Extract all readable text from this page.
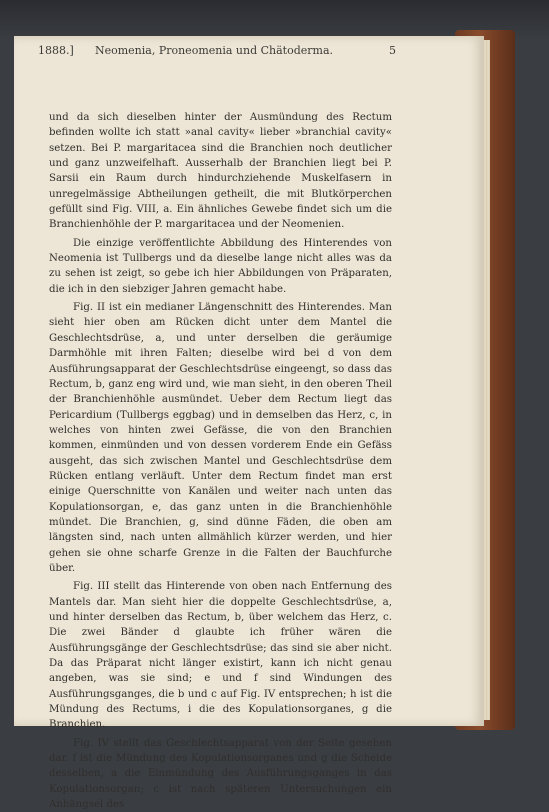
1888.]	Neomenia, Proneomenia und Chätoderma.	5

und da sich dieselben hinter der Ausmündung des Rectum befinden wollte ich statt »anal cavity« lieber »branchial cavity« setzen. Bei P. margaritacea sind die Branchien noch deutlicher und ganz unzweifelhaft. Ausserhalb der Branchien liegt bei P. Sarsii ein Raum durch hindurchziehende Muskelfasern in unregelmässige Abtheilungen getheilt, die mit Blutkörperchen gefüllt sind Fig. VIII, a. Ein ähnliches Gewebe findet sich um die Branchienhöhle der P. margaritacea und der Neomenien.

Die einzige veröffentlichte Abbildung des Hinterendes von Neomenia ist Tullbergs und da dieselbe lange nicht alles was da zu sehen ist zeigt, so gebe ich hier Abbildungen von Präparaten, die ich in den siebziger Jahren gemacht habe.

Fig. II ist ein medianer Längenschnitt des Hinterendes. Man sieht hier oben am Rücken dicht unter dem Mantel die Geschlechtsdrüse, a, und unter derselben die geräumige Darmhöhle mit ihren Falten; dieselbe wird bei d von dem Ausführungsapparat der Geschlechtsdrüse eingeengt, so dass das Rectum, b, ganz eng wird und, wie man sieht, in den oberen Theil der Branchienhöhle ausmündet. Ueber dem Rectum liegt das Pericardium (Tullbergs eggbag) und in demselben das Herz, c, in welches von hinten zwei Gefässe, die von den Branchien kommen, einmünden und von dessen vorderem Ende ein Gefäss ausgeht, das sich zwischen Mantel und Geschlechtsdrüse dem Rücken entlang verläuft. Unter dem Rectum findet man erst einige Querschnitte von Kanälen und weiter nach unten das Kopulationsorgan, e, das ganz unten in die Branchienhöhle mündet. Die Branchien, g, sind dünne Fäden, die oben am längsten sind, nach unten allmählich kürzer werden, und hier gehen sie ohne scharfe Grenze in die Falten der Bauchfurche über.

Fig. III stellt das Hinterende von oben nach Entfernung des Mantels dar. Man sieht hier die doppelte Geschlechtsdrüse, a, und hinter derselben das Rectum, b, über welchem das Herz, c. Die zwei Bänder d glaubte ich früher wären die Ausführungsgänge der Geschlechtsdrüse; das sind sie aber nicht. Da das Präparat nicht länger existirt, kann ich nicht genau angeben, was sie sind; e und f sind Windungen des Ausführungsganges, die b und c auf Fig. IV entsprechen; h ist die Mündung des Rectums, i die des Kopulationsorganes, g die Branchien.

Fig. IV stellt das Geschlechtsapparat von der Seite gesehen dar. f ist die Mündung des Kopulationsorganes und g die Scheide desselben, a die Einmündung des Ausführungsganges in das Kopulationsorgan; c ist nach späteren Untersuchungen ein Anhängsel des
